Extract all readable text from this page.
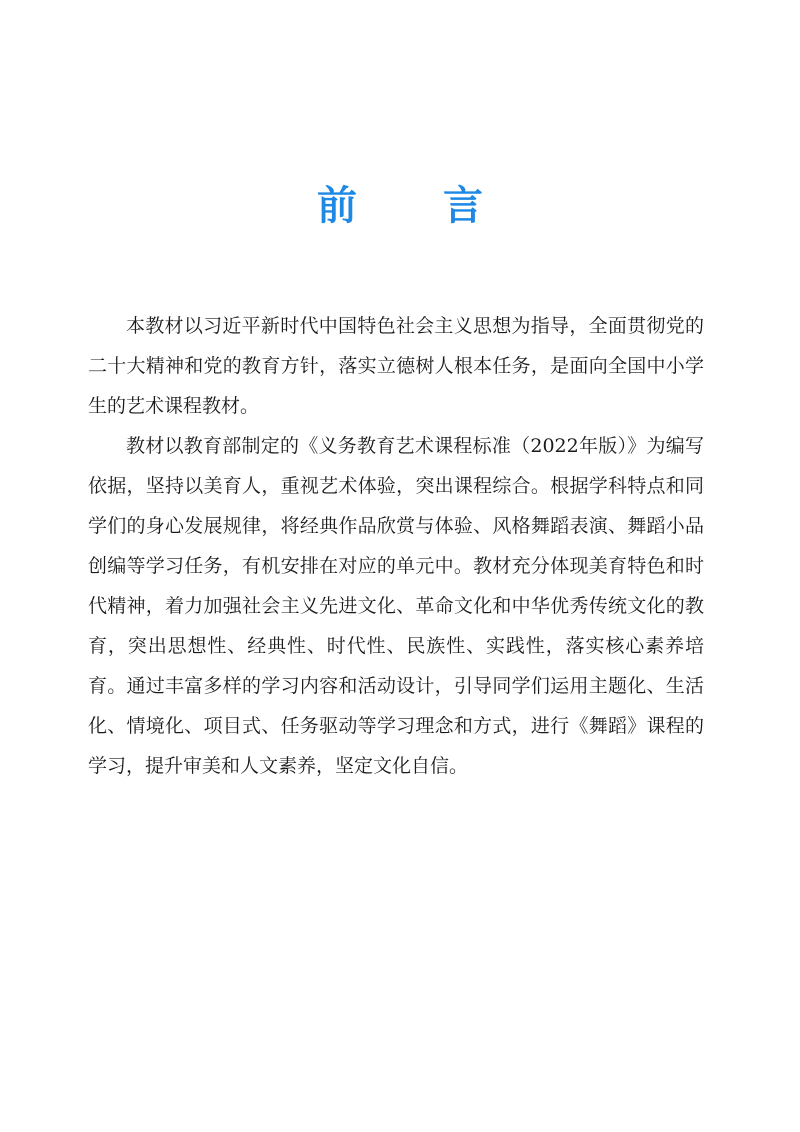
前 言

本教材以习近平新时代中国特色社会主义思想为指导，全面贯彻党的二十大精神和党的教育方针，落实立德树人根本任务，是面向全国中小学生的艺术课程教材。

教材以教育部制定的《义务教育艺术课程标准（2022年版）》为编写依据，坚持以美育人，重视艺术体验，突出课程综合。根据学科特点和同学们的身心发展规律，将经典作品欣赏与体验、风格舞蹈表演、舞蹈小品创编等学习任务，有机安排在对应的单元中。教材充分体现美育特色和时代精神，着力加强社会主义先进文化、革命文化和中华优秀传统文化的教育，突出思想性、经典性、时代性、民族性、实践性，落实核心素养培育。通过丰富多样的学习内容和活动设计，引导同学们运用主题化、生活化、情境化、项目式、任务驱动等学习理念和方式，进行《舞蹈》课程的学习，提升审美和人文素养，坚定文化自信。
